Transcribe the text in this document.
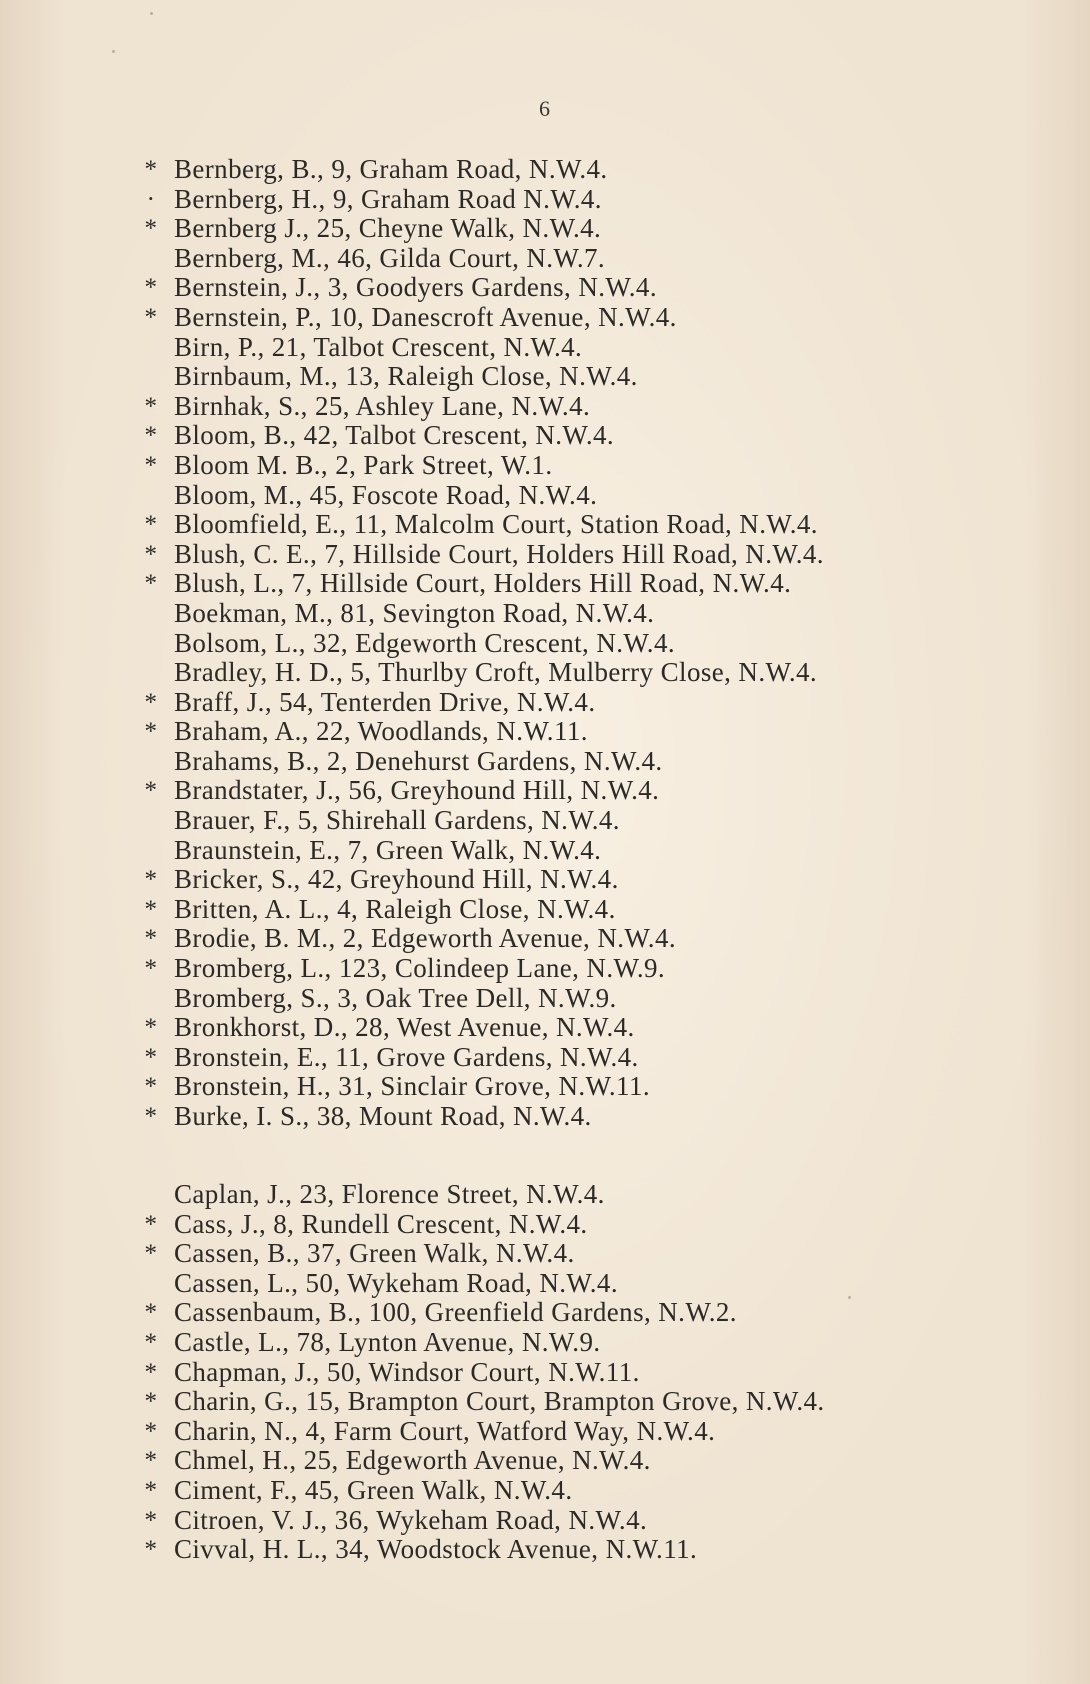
6
* Bernberg, B., 9, Graham Road, N.W.4.
· Bernberg, H., 9, Graham Road N.W.4.
* Bernberg J., 25, Cheyne Walk, N.W.4.
Bernberg, M., 46, Gilda Court, N.W.7.
* Bernstein, J., 3, Goodyers Gardens, N.W.4.
* Bernstein, P., 10, Danescroft Avenue, N.W.4.
Birn, P., 21, Talbot Crescent, N.W.4.
Birnbaum, M., 13, Raleigh Close, N.W.4.
* Birnhak, S., 25, Ashley Lane, N.W.4.
* Bloom, B., 42, Talbot Crescent, N.W.4.
* Bloom M. B., 2, Park Street, W.1.
Bloom, M., 45, Foscote Road, N.W.4.
* Bloomfield, E., 11, Malcolm Court, Station Road, N.W.4.
* Blush, C. E., 7, Hillside Court, Holders Hill Road, N.W.4.
* Blush, L., 7, Hillside Court, Holders Hill Road, N.W.4.
Boekman, M., 81, Sevington Road, N.W.4.
Bolsom, L., 32, Edgeworth Crescent, N.W.4.
Bradley, H. D., 5, Thurlby Croft, Mulberry Close, N.W.4.
* Braff, J., 54, Tenterden Drive, N.W.4.
* Braham, A., 22, Woodlands, N.W.11.
Brahams, B., 2, Denehurst Gardens, N.W.4.
* Brandstater, J., 56, Greyhound Hill, N.W.4.
Brauer, F., 5, Shirehall Gardens, N.W.4.
Braunstein, E., 7, Green Walk, N.W.4.
* Bricker, S., 42, Greyhound Hill, N.W.4.
* Britten, A. L., 4, Raleigh Close, N.W.4.
* Brodie, B. M., 2, Edgeworth Avenue, N.W.4.
* Bromberg, L., 123, Colindeep Lane, N.W.9.
Bromberg, S., 3, Oak Tree Dell, N.W.9.
* Bronkhorst, D., 28, West Avenue, N.W.4.
* Bronstein, E., 11, Grove Gardens, N.W.4.
* Bronstein, H., 31, Sinclair Grove, N.W.11.
* Burke, I. S., 38, Mount Road, N.W.4.
Caplan, J., 23, Florence Street, N.W.4.
* Cass, J., 8, Rundell Crescent, N.W.4.
* Cassen, B., 37, Green Walk, N.W.4.
Cassen, L., 50, Wykeham Road, N.W.4.
* Cassenbaum, B., 100, Greenfield Gardens, N.W.2.
* Castle, L., 78, Lynton Avenue, N.W.9.
* Chapman, J., 50, Windsor Court, N.W.11.
* Charin, G., 15, Brampton Court, Brampton Grove, N.W.4.
* Charin, N., 4, Farm Court, Watford Way, N.W.4.
* Chmel, H., 25, Edgeworth Avenue, N.W.4.
* Ciment, F., 45, Green Walk, N.W.4.
* Citroen, V. J., 36, Wykeham Road, N.W.4.
* Civval, H. L., 34, Woodstock Avenue, N.W.11.
